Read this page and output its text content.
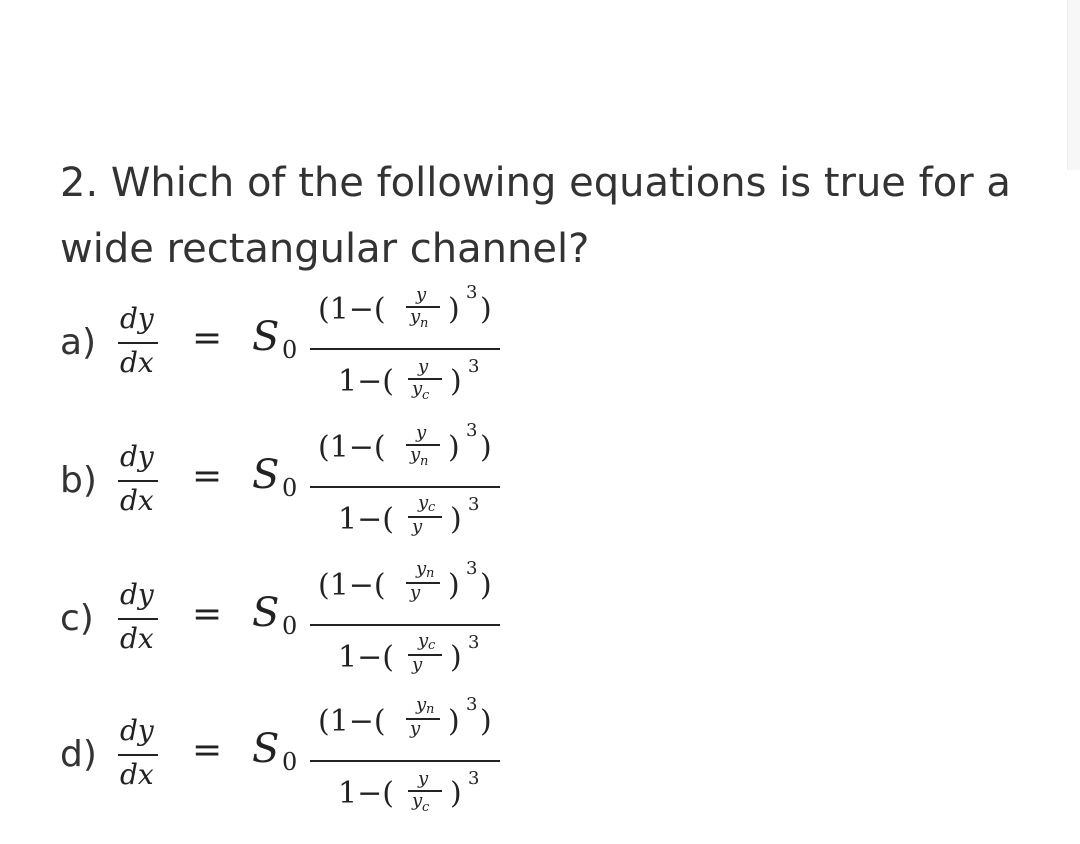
2. Which of the following equations is true for a wide rectangular channel?
a)
dy
dx
= S 0
(1−( y
y n ) 3 )
1−( y
y c ) 3
b)
dy
dx
= S 0
(1−( y
y n ) 3 )
1−( y c
y ) 3
c)
dy
dx
= S 0
(1−( y n
y ) 3 )
1−( y c
y ) 3
d)
dy
dx
= S 0
(1−( y n
y ) 3 )
1−( y
y c ) 3
